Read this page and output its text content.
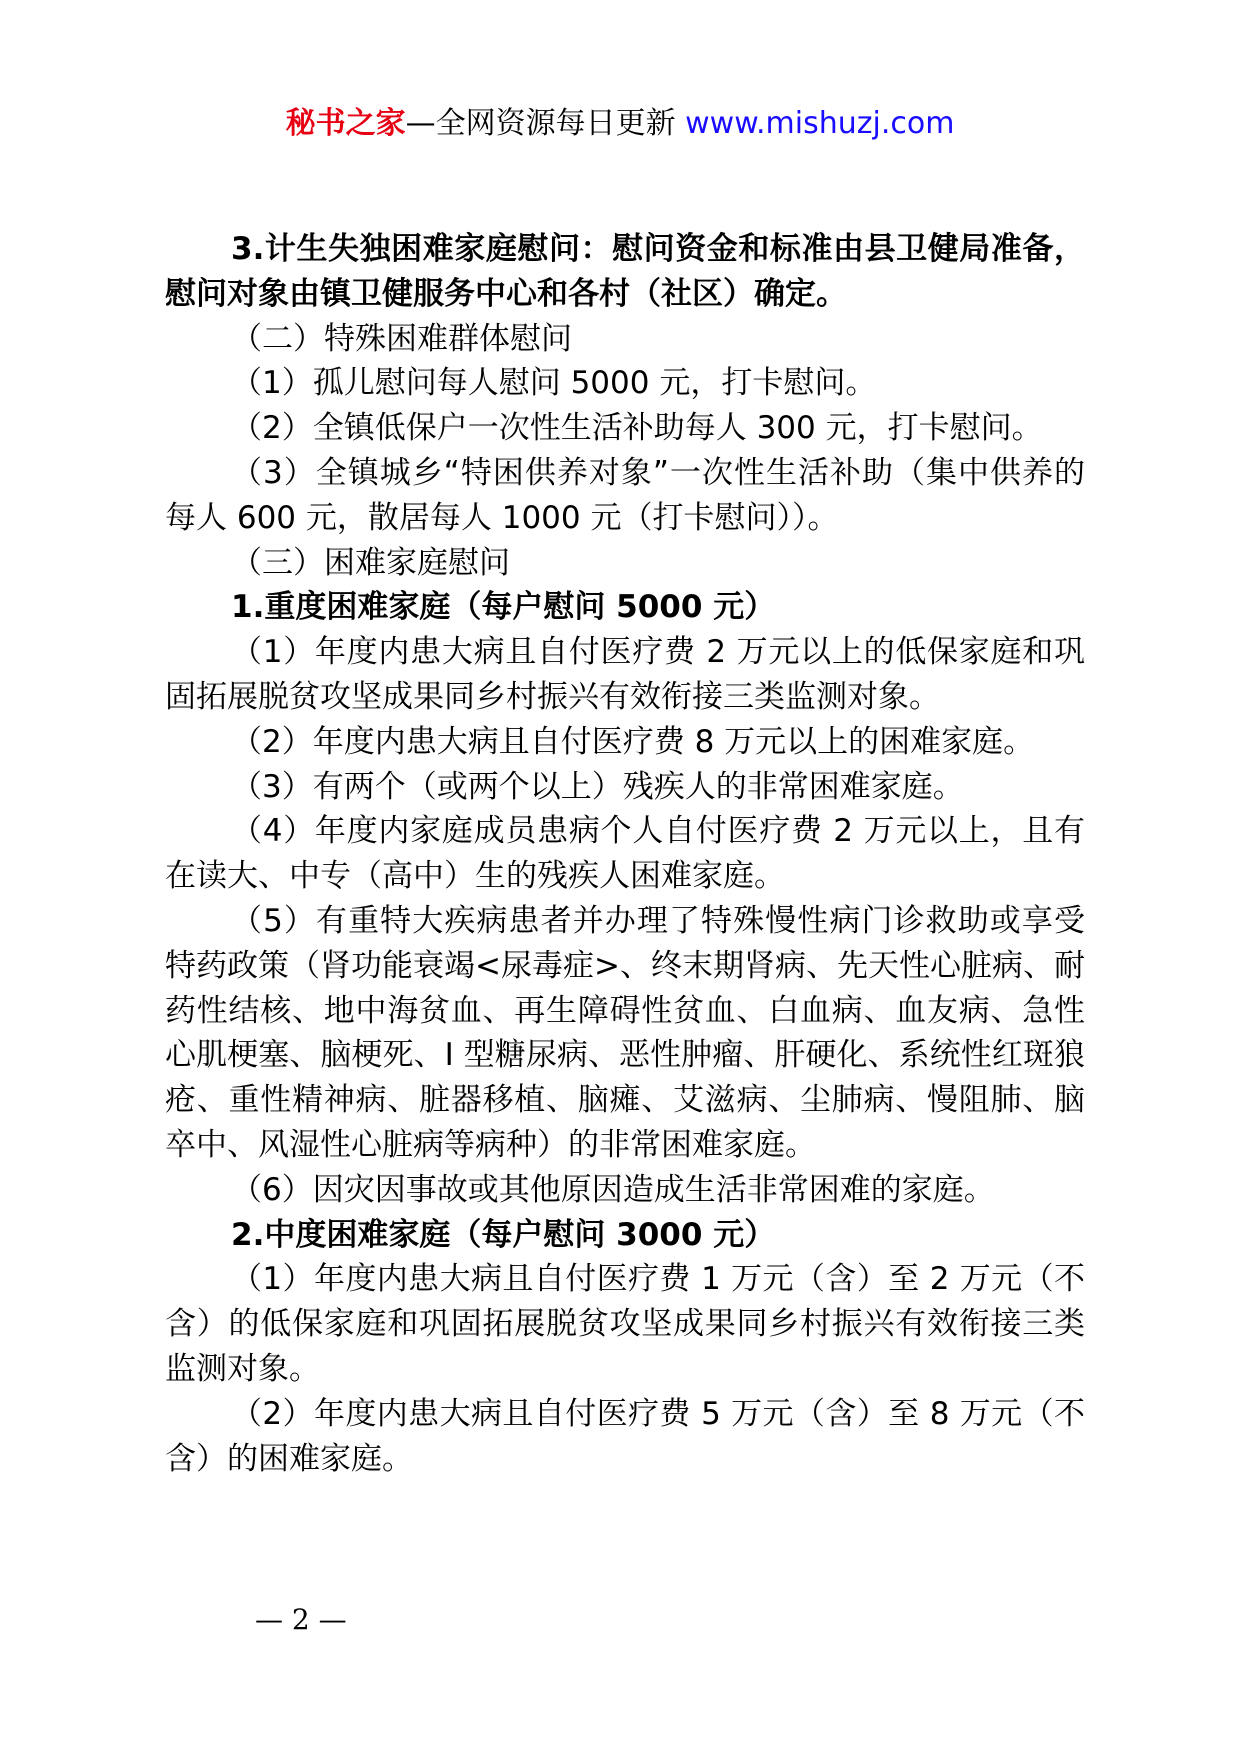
秘书之家—全网资源每日更新 www.mishuzj.com

3.计生失独困难家庭慰问：慰问资金和标准由县卫健局准备，慰问对象由镇卫健服务中心和各村（社区）确定。

（二）特殊困难群体慰问

（1）孤儿慰问每人慰问 5000 元，打卡慰问。

（2）全镇低保户一次性生活补助每人 300 元，打卡慰问。

（3）全镇城乡“特困供养对象”一次性生活补助（集中供养的每人 600 元，散居每人 1000 元（打卡慰问））。

（三）困难家庭慰问

1.重度困难家庭（每户慰问 5000 元）

（1）年度内患大病且自付医疗费 2 万元以上的低保家庭和巩固拓展脱贫攻坚成果同乡村振兴有效衔接三类监测对象。

（2）年度内患大病且自付医疗费 8 万元以上的困难家庭。

（3）有两个（或两个以上）残疾人的非常困难家庭。

（4）年度内家庭成员患病个人自付医疗费 2 万元以上，且有在读大、中专（高中）生的残疾人困难家庭。

（5）有重特大疾病患者并办理了特殊慢性病门诊救助或享受特药政策（肾功能衰竭<尿毒症>、终末期肾病、先天性心脏病、耐药性结核、地中海贫血、再生障碍性贫血、白血病、血友病、急性心肌梗塞、脑梗死、I 型糖尿病、恶性肿瘤、肝硬化、系统性红斑狼疮、重性精神病、脏器移植、脑瘫、艾滋病、尘肺病、慢阻肺、脑卒中、风湿性心脏病等病种）的非常困难家庭。

（6）因灾因事故或其他原因造成生活非常困难的家庭。

2.中度困难家庭（每户慰问 3000 元）

（1）年度内患大病且自付医疗费 1 万元（含）至 2 万元（不含）的低保家庭和巩固拓展脱贫攻坚成果同乡村振兴有效衔接三类监测对象。

（2）年度内患大病且自付医疗费 5 万元（含）至 8 万元（不含）的困难家庭。

— 2 —
